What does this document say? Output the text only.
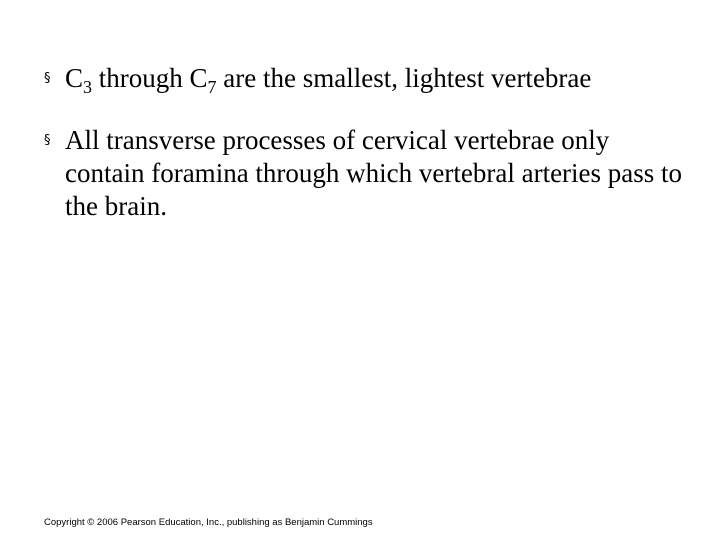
§ $C_3$ through $C_7$ are the smallest, lightest vertebrae
§ All transverse processes of cervical vertebrae only contain foramina through which vertebral arteries pass to the brain.
Copyright © 2006 Pearson Education, Inc., publishing as Benjamin Cummings
